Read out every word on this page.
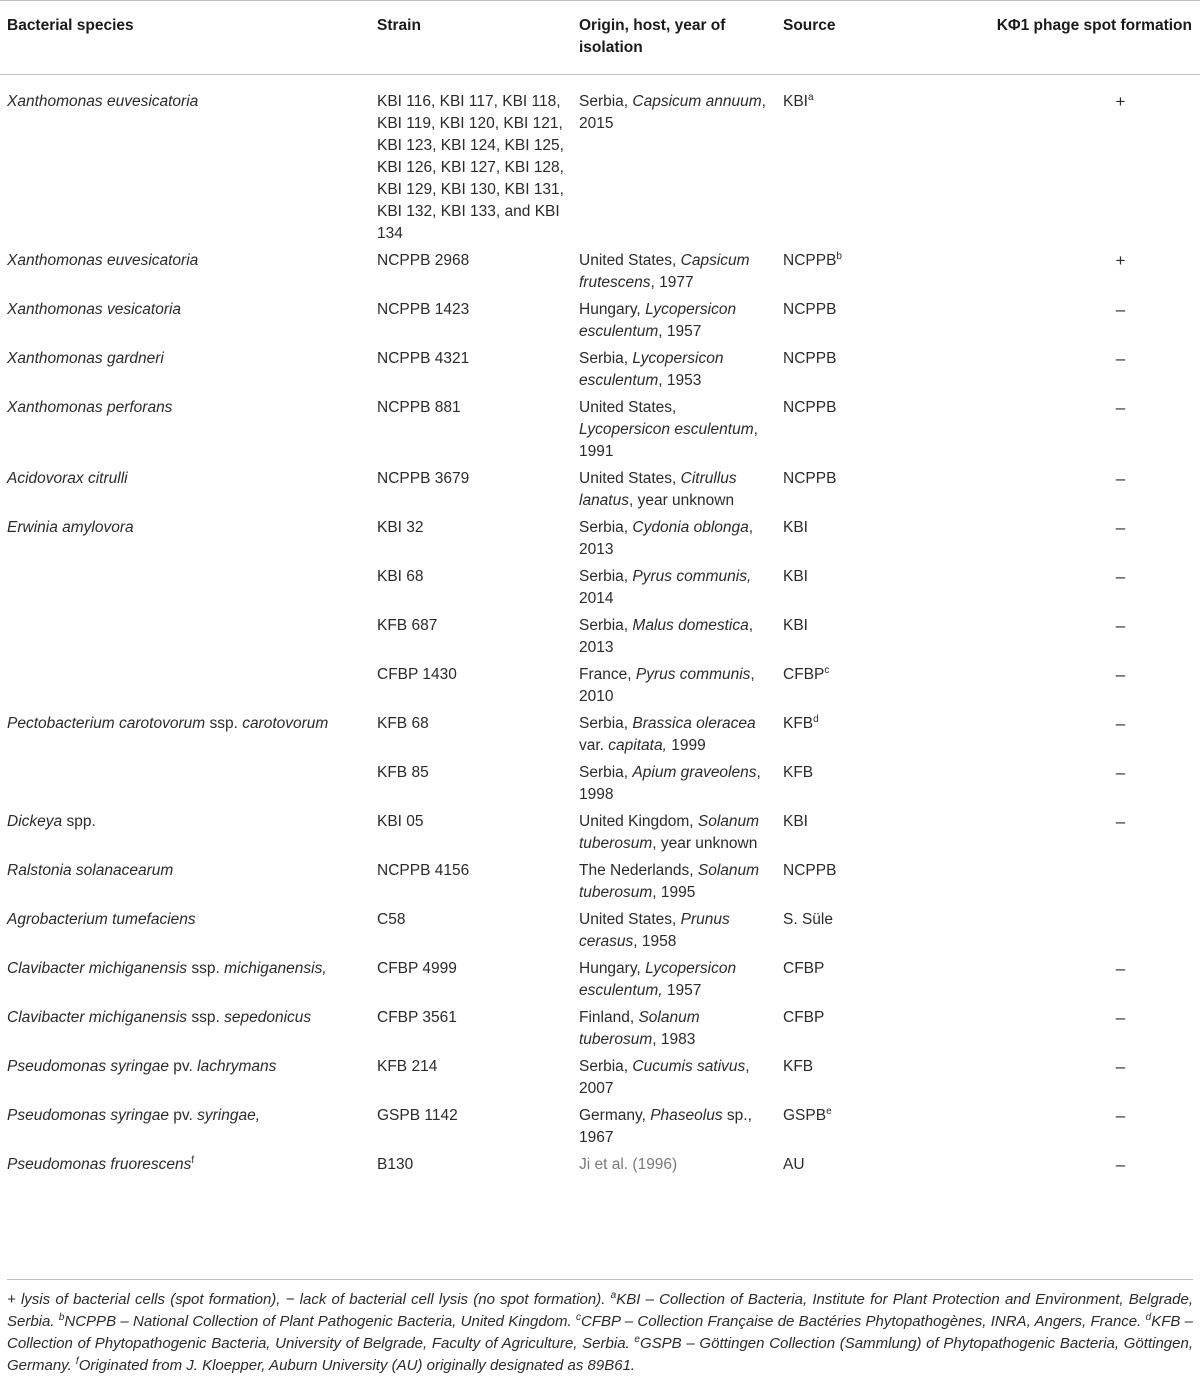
Bacterial species	Strain	Origin, host, year of isolation	Source	KΦ1 phage spot formation
Xanthomonas euvesicatoria	KBI 116, KBI 117, KBI 118, KBI 119, KBI 120, KBI 121, KBI 123, KBI 124, KBI 125, KBI 126, KBI 127, KBI 128, KBI 129, KBI 130, KBI 131, KBI 132, KBI 133, and KBI 134	Serbia, Capsicum annuum, 2015	$KBI^a$	+
Xanthomonas euvesicatoria	NCPPB 2968	United States, Capsicum frutescens, 1977	$NCPPB^b$	+
Xanthomonas vesicatoria	NCPPB 1423	Hungary, Lycopersicon esculentum, 1957	NCPPB	–
Xanthomonas gardneri	NCPPB 4321	Serbia, Lycopersicon esculentum, 1953	NCPPB	–
Xanthomonas perforans	NCPPB 881	United States, Lycopersicon esculentum, 1991	NCPPB	–
Acidovorax citrulli	NCPPB 3679	United States, Citrullus lanatus, year unknown	NCPPB	–
Erwinia amylovora	KBI 32	Serbia, Cydonia oblonga, 2013	KBI	–
	KBI 68	Serbia, Pyrus communis, 2014	KBI	–
	KFB 687	Serbia, Malus domestica, 2013	KBI	–
	CFBP 1430	France, Pyrus communis, 2010	CFBP$^c$	–
Pectobacterium carotovorum ssp. carotovorum	KFB 68	Serbia, Brassica oleracea var. capitata, 1999	KFB$^d$	–
	KFB 85	Serbia, Apium graveolens, 1998	KFB	–
Dickeya spp.	KBI 05	United Kingdom, Solanum tuberosum, year unknown	KBI	–
Ralstonia solanacearum	NCPPB 4156	The Nederlands, Solanum tuberosum, 1995	NCPPB	
Agrobacterium tumefaciens	C58	United States, Prunus cerasus, 1958	S. Süle	
Clavibacter michiganensis ssp. michiganensis,	CFBP 4999	Hungary, Lycopersicon esculentum, 1957	CFBP	–
Clavibacter michiganensis ssp. sepedonicus	CFBP 3561	Finland, Solanum tuberosum, 1983	CFBP	–
Pseudomonas syringae pv. lachrymans	KFB 214	Serbia, Cucumis sativus, 2007	KFB	–
Pseudomonas syringae pv. syringae,	GSPB 1142	Germany, Phaseolus sp., 1967	GSPB$^e$	–
Pseudomonas fruorescens$^f$	B130	Ji et al. (1996)	AU	–
+ lysis of bacterial cells (spot formation), − lack of bacterial cell lysis (no spot formation). $^a$KBI – Collection of Bacteria, Institute for Plant Protection and Environment, Belgrade, Serbia. $^b$NCPPB – National Collection of Plant Pathogenic Bacteria, United Kingdom. $^c$CFBP – Collection Française de Bactéries Phytopathogènes, INRA, Angers, France. $^d$KFB – Collection of Phytopathogenic Bacteria, University of Belgrade, Faculty of Agriculture, Serbia. $^e$GSPB – Göttingen Collection (Sammlung) of Phytopathogenic Bacteria, Göttingen, Germany. $^f$Originated from J. Kloepper, Auburn University (AU) originally designated as 89B61.
